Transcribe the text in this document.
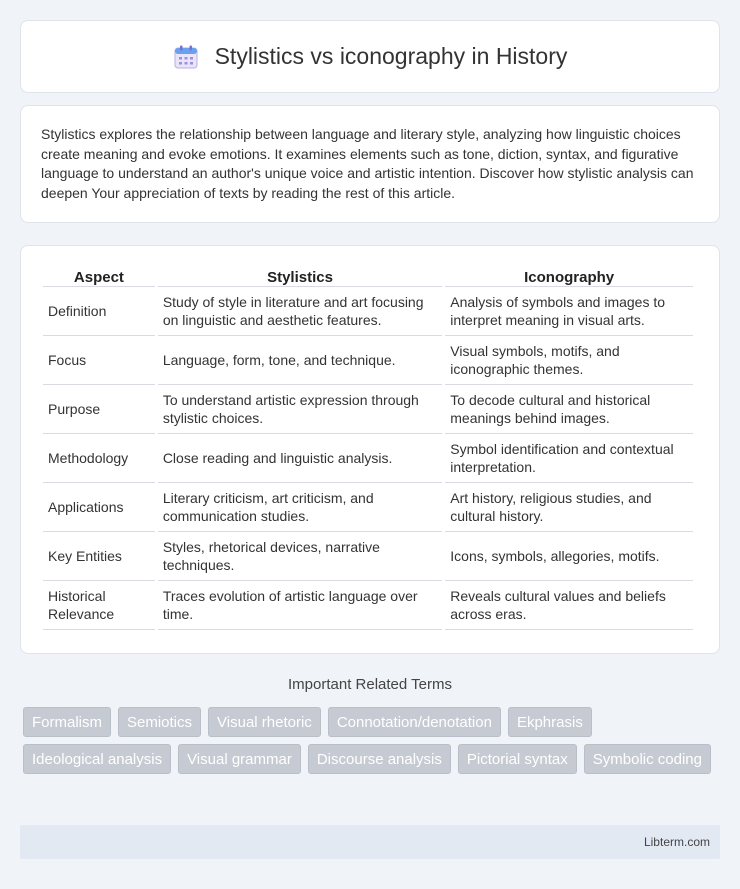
Stylistics vs iconography in History

Stylistics explores the relationship between language and literary style, analyzing how linguistic choices create meaning and evoke emotions. It examines elements such as tone, diction, syntax, and figurative language to understand an author's unique voice and artistic intention. Discover how stylistic analysis can deepen Your appreciation of texts by reading the rest of this article.

Aspect	Stylistics	Iconography
Definition	Study of style in literature and art focusing on linguistic and aesthetic features.	Analysis of symbols and images to interpret meaning in visual arts.
Focus	Language, form, tone, and technique.	Visual symbols, motifs, and iconographic themes.
Purpose	To understand artistic expression through stylistic choices.	To decode cultural and historical meanings behind images.
Methodology	Close reading and linguistic analysis.	Symbol identification and contextual interpretation.
Applications	Literary criticism, art criticism, and communication studies.	Art history, religious studies, and cultural history.
Key Entities	Styles, rhetorical devices, narrative techniques.	Icons, symbols, allegories, motifs.
Historical Relevance	Traces evolution of artistic language over time.	Reveals cultural values and beliefs across eras.
Important Related Terms
Formalism	Semiotics	Visual rhetoric	Connotation/denotation	Ekphrasis
Ideological analysis	Visual grammar	Discourse analysis	Pictorial syntax	Symbolic coding
Libterm.com
